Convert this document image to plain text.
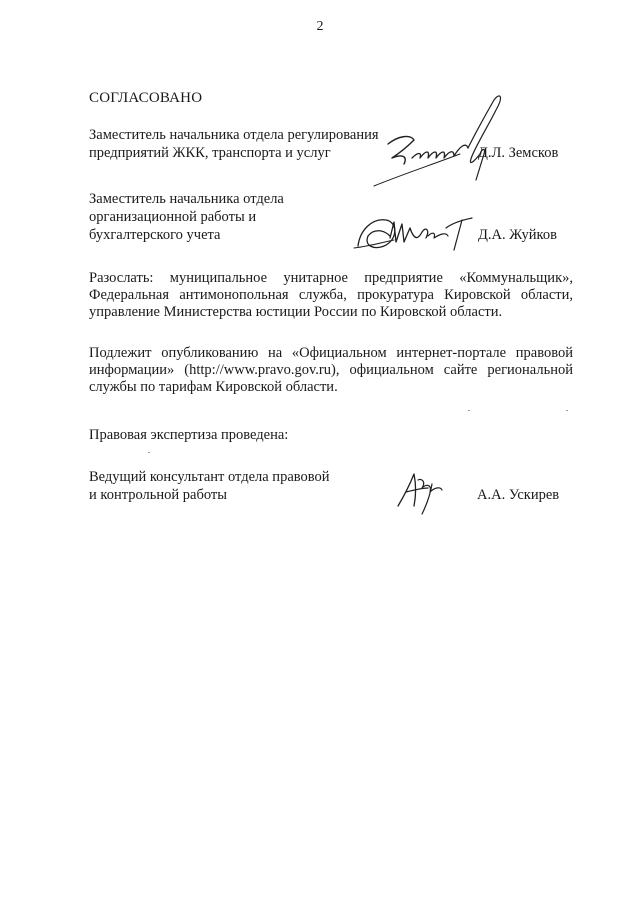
2
СОГЛАСОВАНО
Заместитель начальника отдела регулирования
предприятий ЖКК, транспорта и услуг	Д.Л. Земсков
Заместитель начальника отдела
организационной работы и
бухгалтерского учета	Д.А. Жуйков
Разослать: муниципальное унитарное предприятие «Коммунальщик»,
Федеральная антимонопольная служба, прокуратура Кировской области,
управление Министерства юстиции России по Кировской области.
Подлежит опубликованию на «Официальном интернет-портале правовой
информации» (http://www.pravo.gov.ru), официальном сайте региональной
службы по тарифам Кировской области.
Правовая экспертиза проведена:
Ведущий консультант отдела правовой
и контрольной работы	А.А. Ускирев
